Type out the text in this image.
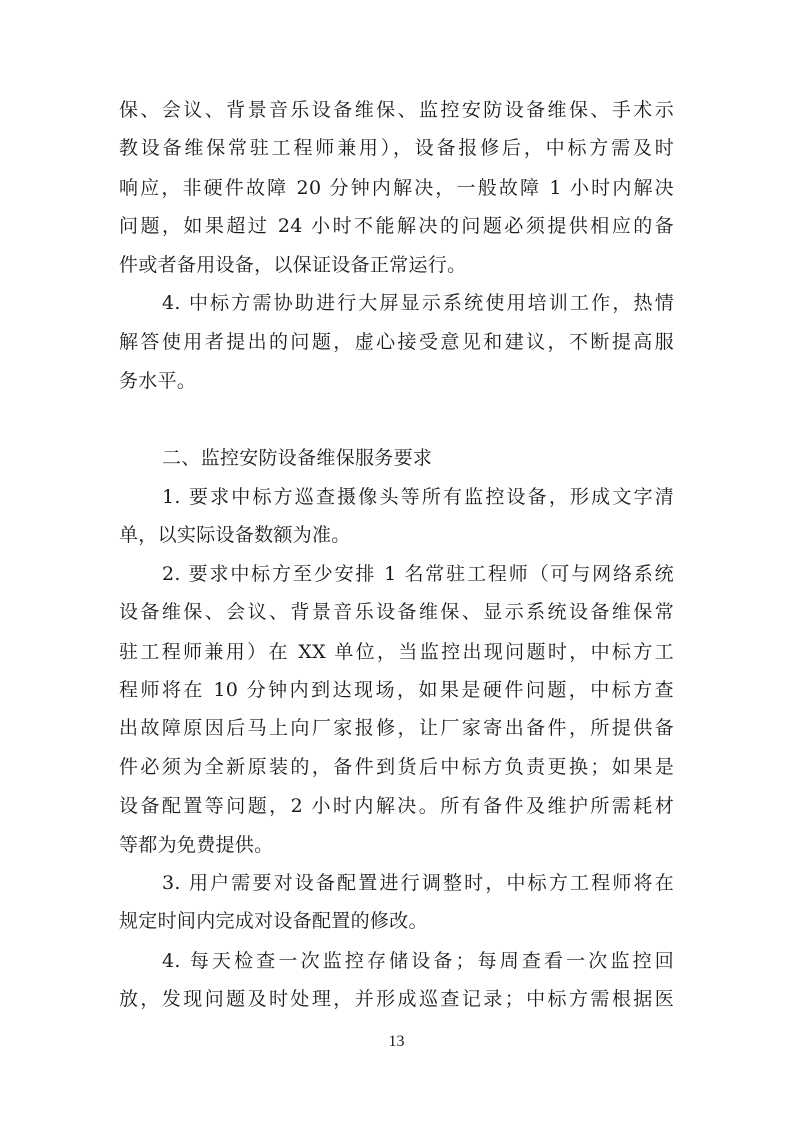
保、会议、背景音乐设备维保、监控安防设备维保、手术示
教设备维保常驻工程师兼用），设备报修后，中标方需及时
响应，非硬件故障 20 分钟内解决，一般故障 1 小时内解决
问题，如果超过 24 小时不能解决的问题必须提供相应的备
件或者备用设备，以保证设备正常运行。
4. 中标方需协助进行大屏显示系统使用培训工作，热情
解答使用者提出的问题，虚心接受意见和建议，不断提高服
务水平。
二、监控安防设备维保服务要求
1. 要求中标方巡查摄像头等所有监控设备，形成文字清
单，以实际设备数额为准。
2. 要求中标方至少安排 1 名常驻工程师（可与网络系统
设备维保、会议、背景音乐设备维保、显示系统设备维保常
驻工程师兼用）在 XX 单位，当监控出现问题时，中标方工
程师将在 10 分钟内到达现场，如果是硬件问题，中标方查
出故障原因后马上向厂家报修，让厂家寄出备件，所提供备
件必须为全新原装的，备件到货后中标方负责更换；如果是
设备配置等问题，2 小时内解决。所有备件及维护所需耗材
等都为免费提供。
3. 用户需要对设备配置进行调整时，中标方工程师将在
规定时间内完成对设备配置的修改。
4. 每天检查一次监控存储设备；每周查看一次监控回
放，发现问题及时处理，并形成巡查记录；中标方需根据医
13
